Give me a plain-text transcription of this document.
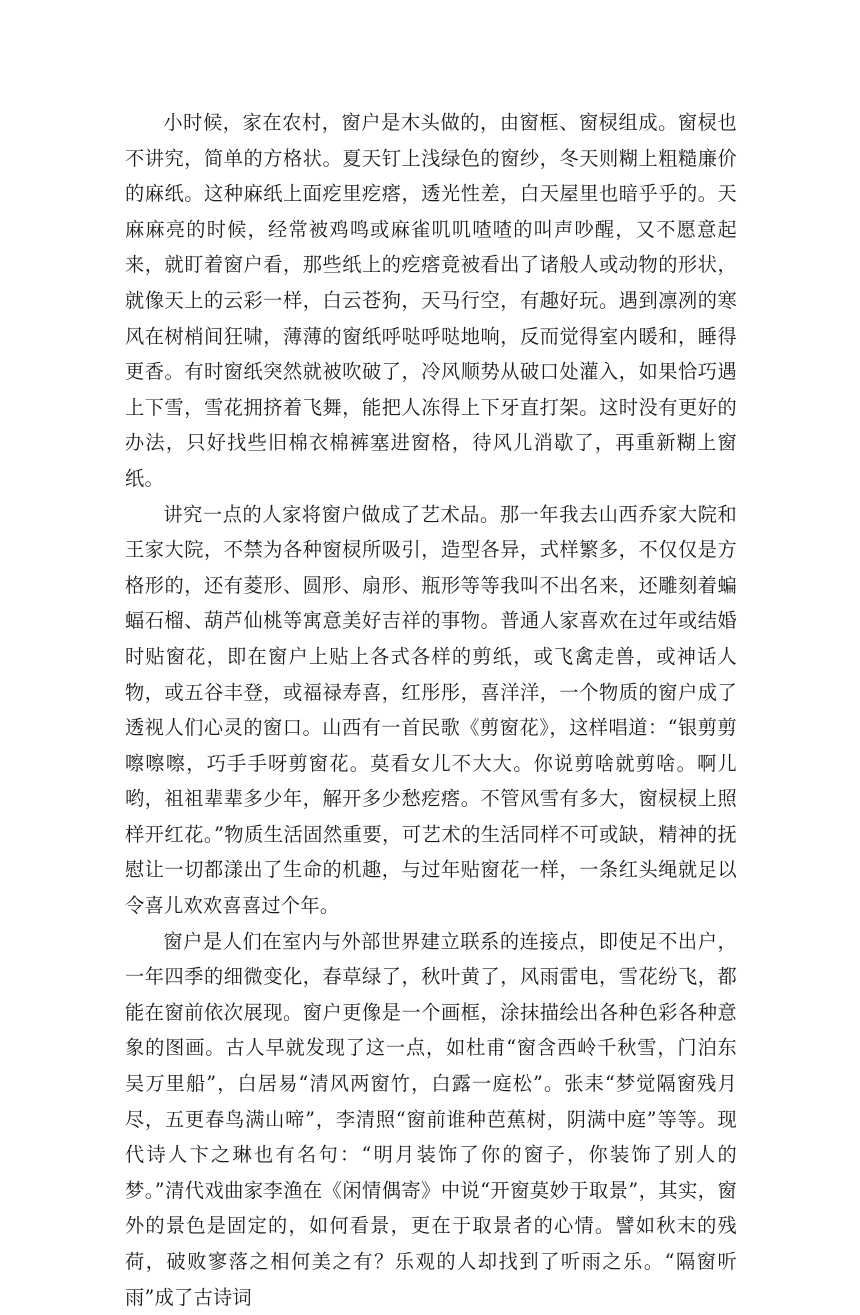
小时候，家在农村，窗户是木头做的，由窗框、窗棂组成。窗棂也不讲究，简单的方格状。夏天钉上浅绿色的窗纱，冬天则糊上粗糙廉价的麻纸。这种麻纸上面疙里疙瘩，透光性差，白天屋里也暗乎乎的。天麻麻亮的时候，经常被鸡鸣或麻雀叽叽喳喳的叫声吵醒，又不愿意起来，就盯着窗户看，那些纸上的疙瘩竟被看出了诸般人或动物的形状，就像天上的云彩一样，白云苍狗，天马行空，有趣好玩。遇到凛冽的寒风在树梢间狂啸，薄薄的窗纸呼哒呼哒地响，反而觉得室内暖和，睡得更香。有时窗纸突然就被吹破了，冷风顺势从破口处灌入，如果恰巧遇上下雪，雪花拥挤着飞舞，能把人冻得上下牙直打架。这时没有更好的办法，只好找些旧棉衣棉裤塞进窗格，待风儿消歇了，再重新糊上窗纸。

讲究一点的人家将窗户做成了艺术品。那一年我去山西乔家大院和王家大院，不禁为各种窗棂所吸引，造型各异，式样繁多，不仅仅是方格形的，还有菱形、圆形、扇形、瓶形等等我叫不出名来，还雕刻着蝙蝠石榴、葫芦仙桃等寓意美好吉祥的事物。普通人家喜欢在过年或结婚时贴窗花，即在窗户上贴上各式各样的剪纸，或飞禽走兽，或神话人物，或五谷丰登，或福禄寿喜，红彤彤，喜洋洋，一个物质的窗户成了透视人们心灵的窗口。山西有一首民歌《剪窗花》，这样唱道：“银剪剪嚓嚓嚓，巧手手呀剪窗花。莫看女儿不大大。你说剪啥就剪啥。啊儿哟，祖祖辈辈多少年，解开多少愁疙瘩。不管风雪有多大，窗棂棂上照样开红花。”物质生活固然重要，可艺术的生活同样不可或缺，精神的抚慰让一切都漾出了生命的机趣，与过年贴窗花一样，一条红头绳就足以令喜儿欢欢喜喜过个年。

窗户是人们在室内与外部世界建立联系的连接点，即使足不出户，一年四季的细微变化，春草绿了，秋叶黄了，风雨雷电，雪花纷飞，都能在窗前依次展现。窗户更像是一个画框，涂抹描绘出各种色彩各种意象的图画。古人早就发现了这一点，如杜甫“窗含西岭千秋雪，门泊东吴万里船”，白居易“清风两窗竹，白露一庭松”。张耒“梦觉隔窗残月尽，五更春鸟满山啼”，李清照“窗前谁种芭蕉树，阴满中庭”等等。现代诗人卞之琳也有名句：“明月装饰了你的窗子，你装饰了别人的梦。”清代戏曲家李渔在《闲情偶寄》中说“开窗莫妙于取景”，其实，窗外的景色是固定的，如何看景，更在于取景者的心情。譬如秋末的残荷，破败寥落之相何美之有？乐观的人却找到了听雨之乐。“隔窗听雨”成了古诗词
